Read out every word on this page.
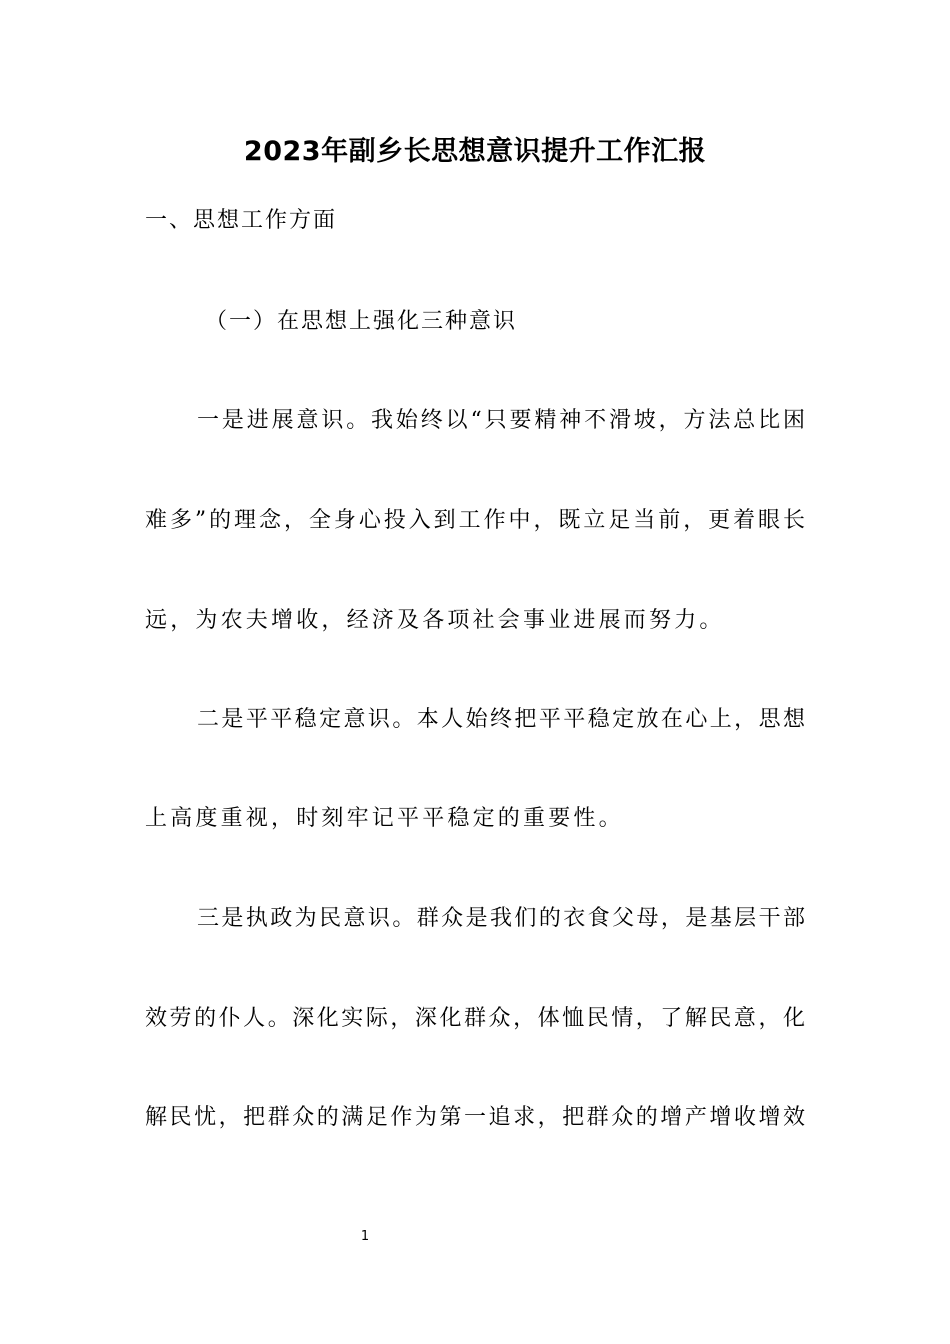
2023年副乡长思想意识提升工作汇报
一、思想工作方面
（一）在思想上强化三种意识
一是进展意识。我始终以“只要精神不滑坡，方法总比困
难多”的理念，全身心投入到工作中，既立足当前，更着眼长
远，为农夫增收，经济及各项社会事业进展而努力。
二是平平稳定意识。本人始终把平平稳定放在心上，思想
上高度重视，时刻牢记平平稳定的重要性。
三是执政为民意识。群众是我们的衣食父母，是基层干部
效劳的仆人。深化实际，深化群众，体恤民情，了解民意，化
解民忧，把群众的满足作为第一追求，把群众的增产增收增效
1
